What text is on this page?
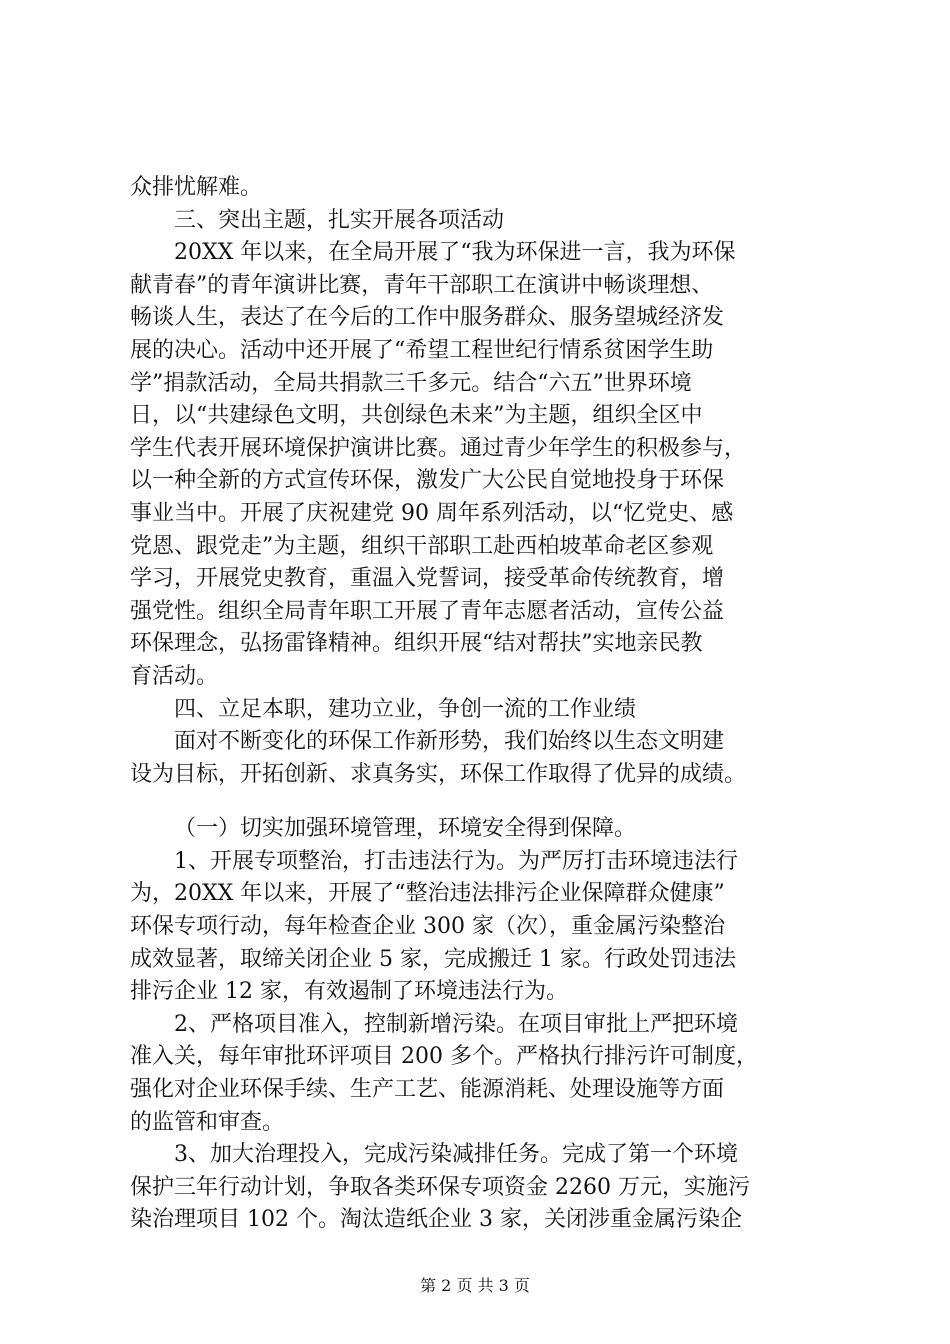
众排忧解难。
三、突出主题，扎实开展各项活动
20XX 年以来，在全局开展了“我为环保进一言，我为环保
献青春”的青年演讲比赛，青年干部职工在演讲中畅谈理想、
畅谈人生，表达了在今后的工作中服务群众、服务望城经济发
展的决心。活动中还开展了“希望工程世纪行情系贫困学生助
学”捐款活动，全局共捐款三千多元。结合“六五”世界环境
日，以“共建绿色文明，共创绿色未来”为主题，组织全区中
学生代表开展环境保护演讲比赛。通过青少年学生的积极参与，
以一种全新的方式宣传环保，激发广大公民自觉地投身于环保
事业当中。开展了庆祝建党 90 周年系列活动，以“忆党史、感
党恩、跟党走”为主题，组织干部职工赴西柏坡革命老区参观
学习，开展党史教育，重温入党誓词，接受革命传统教育，增
强党性。组织全局青年职工开展了青年志愿者活动，宣传公益
环保理念，弘扬雷锋精神。组织开展“结对帮扶”实地亲民教
育活动。
四、立足本职，建功立业，争创一流的工作业绩
面对不断变化的环保工作新形势，我们始终以生态文明建
设为目标，开拓创新、求真务实，环保工作取得了优异的成绩。
（一）切实加强环境管理，环境安全得到保障。
1、开展专项整治，打击违法行为。为严厉打击环境违法行
为，20XX 年以来，开展了“整治违法排污企业保障群众健康”
环保专项行动，每年检查企业 300 家（次），重金属污染整治
成效显著，取缔关闭企业 5 家，完成搬迁 1 家。行政处罚违法
排污企业 12 家，有效遏制了环境违法行为。
2、严格项目准入，控制新增污染。在项目审批上严把环境
准入关，每年审批环评项目 200 多个。严格执行排污许可制度，
强化对企业环保手续、生产工艺、能源消耗、处理设施等方面
的监管和审查。
3、加大治理投入，完成污染减排任务。完成了第一个环境
保护三年行动计划，争取各类环保专项资金 2260 万元，实施污
染治理项目 102 个。淘汰造纸企业 3 家，关闭涉重金属污染企
第 2 页 共 3 页
